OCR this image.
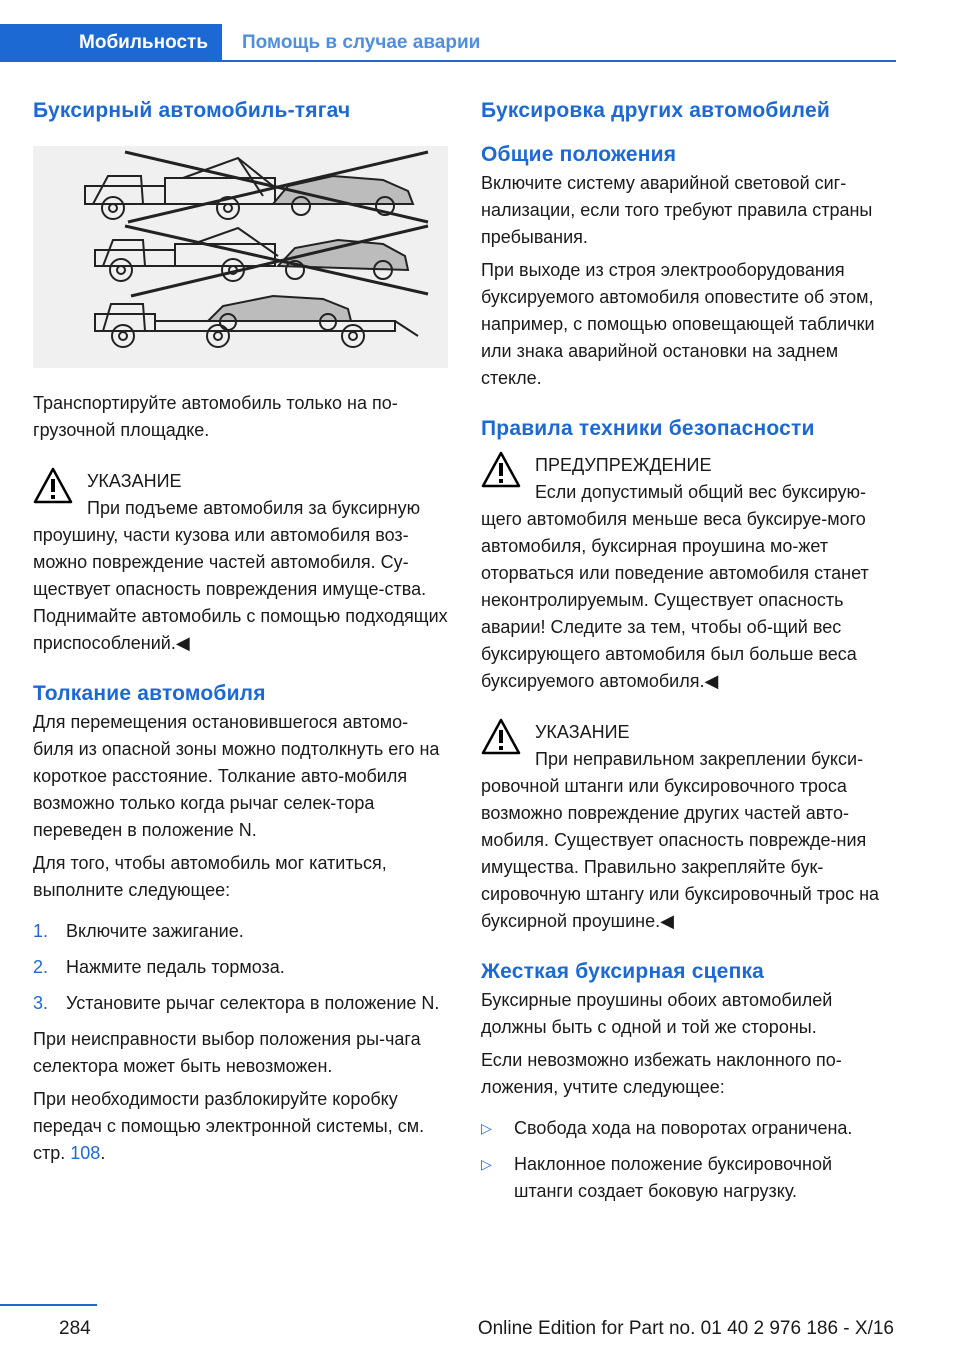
Мобильность Помощь в случае аварии
Буксирный автомобиль-тягач

Транспортируйте автомобиль только на по-грузочной площадке.

УКАЗАНИЕ

При подъеме автомобиля за буксирную проушину, части кузова или автомобиля воз-можно повреждение частей автомобиля. Су-ществует опасность повреждения имуще-ства. Поднимайте автомобиль с помощью подходящих приспособлений.◀

Толкание автомобиля

Для перемещения остановившегося автомо-биля из опасной зоны можно подтолкнуть его на короткое расстояние. Толкание авто-мобиля возможно только когда рычаг селек-тора переведен в положение N.

Для того, чтобы автомобиль мог катиться, выполните следующее:

1. Включите зажигание.
2. Нажмите педаль тормоза.
3. Установите рычаг селектора в положение N.

При неисправности выбор положения ры-чага селектора может быть невозможен.

При необходимости разблокируйте коробку передач с помощью электронной системы, см. стр. 108.

Буксировка других автомобилей
Общие положения

Включите систему аварийной световой сиг-нализации, если того требуют правила страны пребывания.

При выходе из строя электрооборудования буксируемого автомобиля оповестите об этом, например, с помощью оповещающей таблички или знака аварийной остановки на заднем стекле.

Правила техники безопасности
ПРЕДУПРЕЖДЕНИЕ

Если допустимый общий вес буксирую-щего автомобиля меньше веса буксируе-мого автомобиля, буксирная проушина мо-жет оторваться или поведение автомобиля станет неконтролируемым. Существует опасность аварии! Следите за тем, чтобы об-щий вес буксирующего автомобиля был больше веса буксируемого автомобиля.◀

УКАЗАНИЕ

При неправильном закреплении букси-ровочной штанги или буксировочного троса возможно повреждение других частей авто-мобиля. Существует опасность поврежде-ния имущества. Правильно закрепляйте бук-сировочную штангу или буксировочный трос на буксирной проушине.◀

Жесткая буксирная сцепка

Буксирные проушины обоих автомобилей должны быть с одной и той же стороны.

Если невозможно избежать наклонного по-ложения, учтите следующее:

▷	Свобода хода на поворотах ограничена.
▷	Наклонное положение буксировочной штанги создает боковую нагрузку.
284	Online Edition for Part no. 01 40 2 976 186 - X/16
